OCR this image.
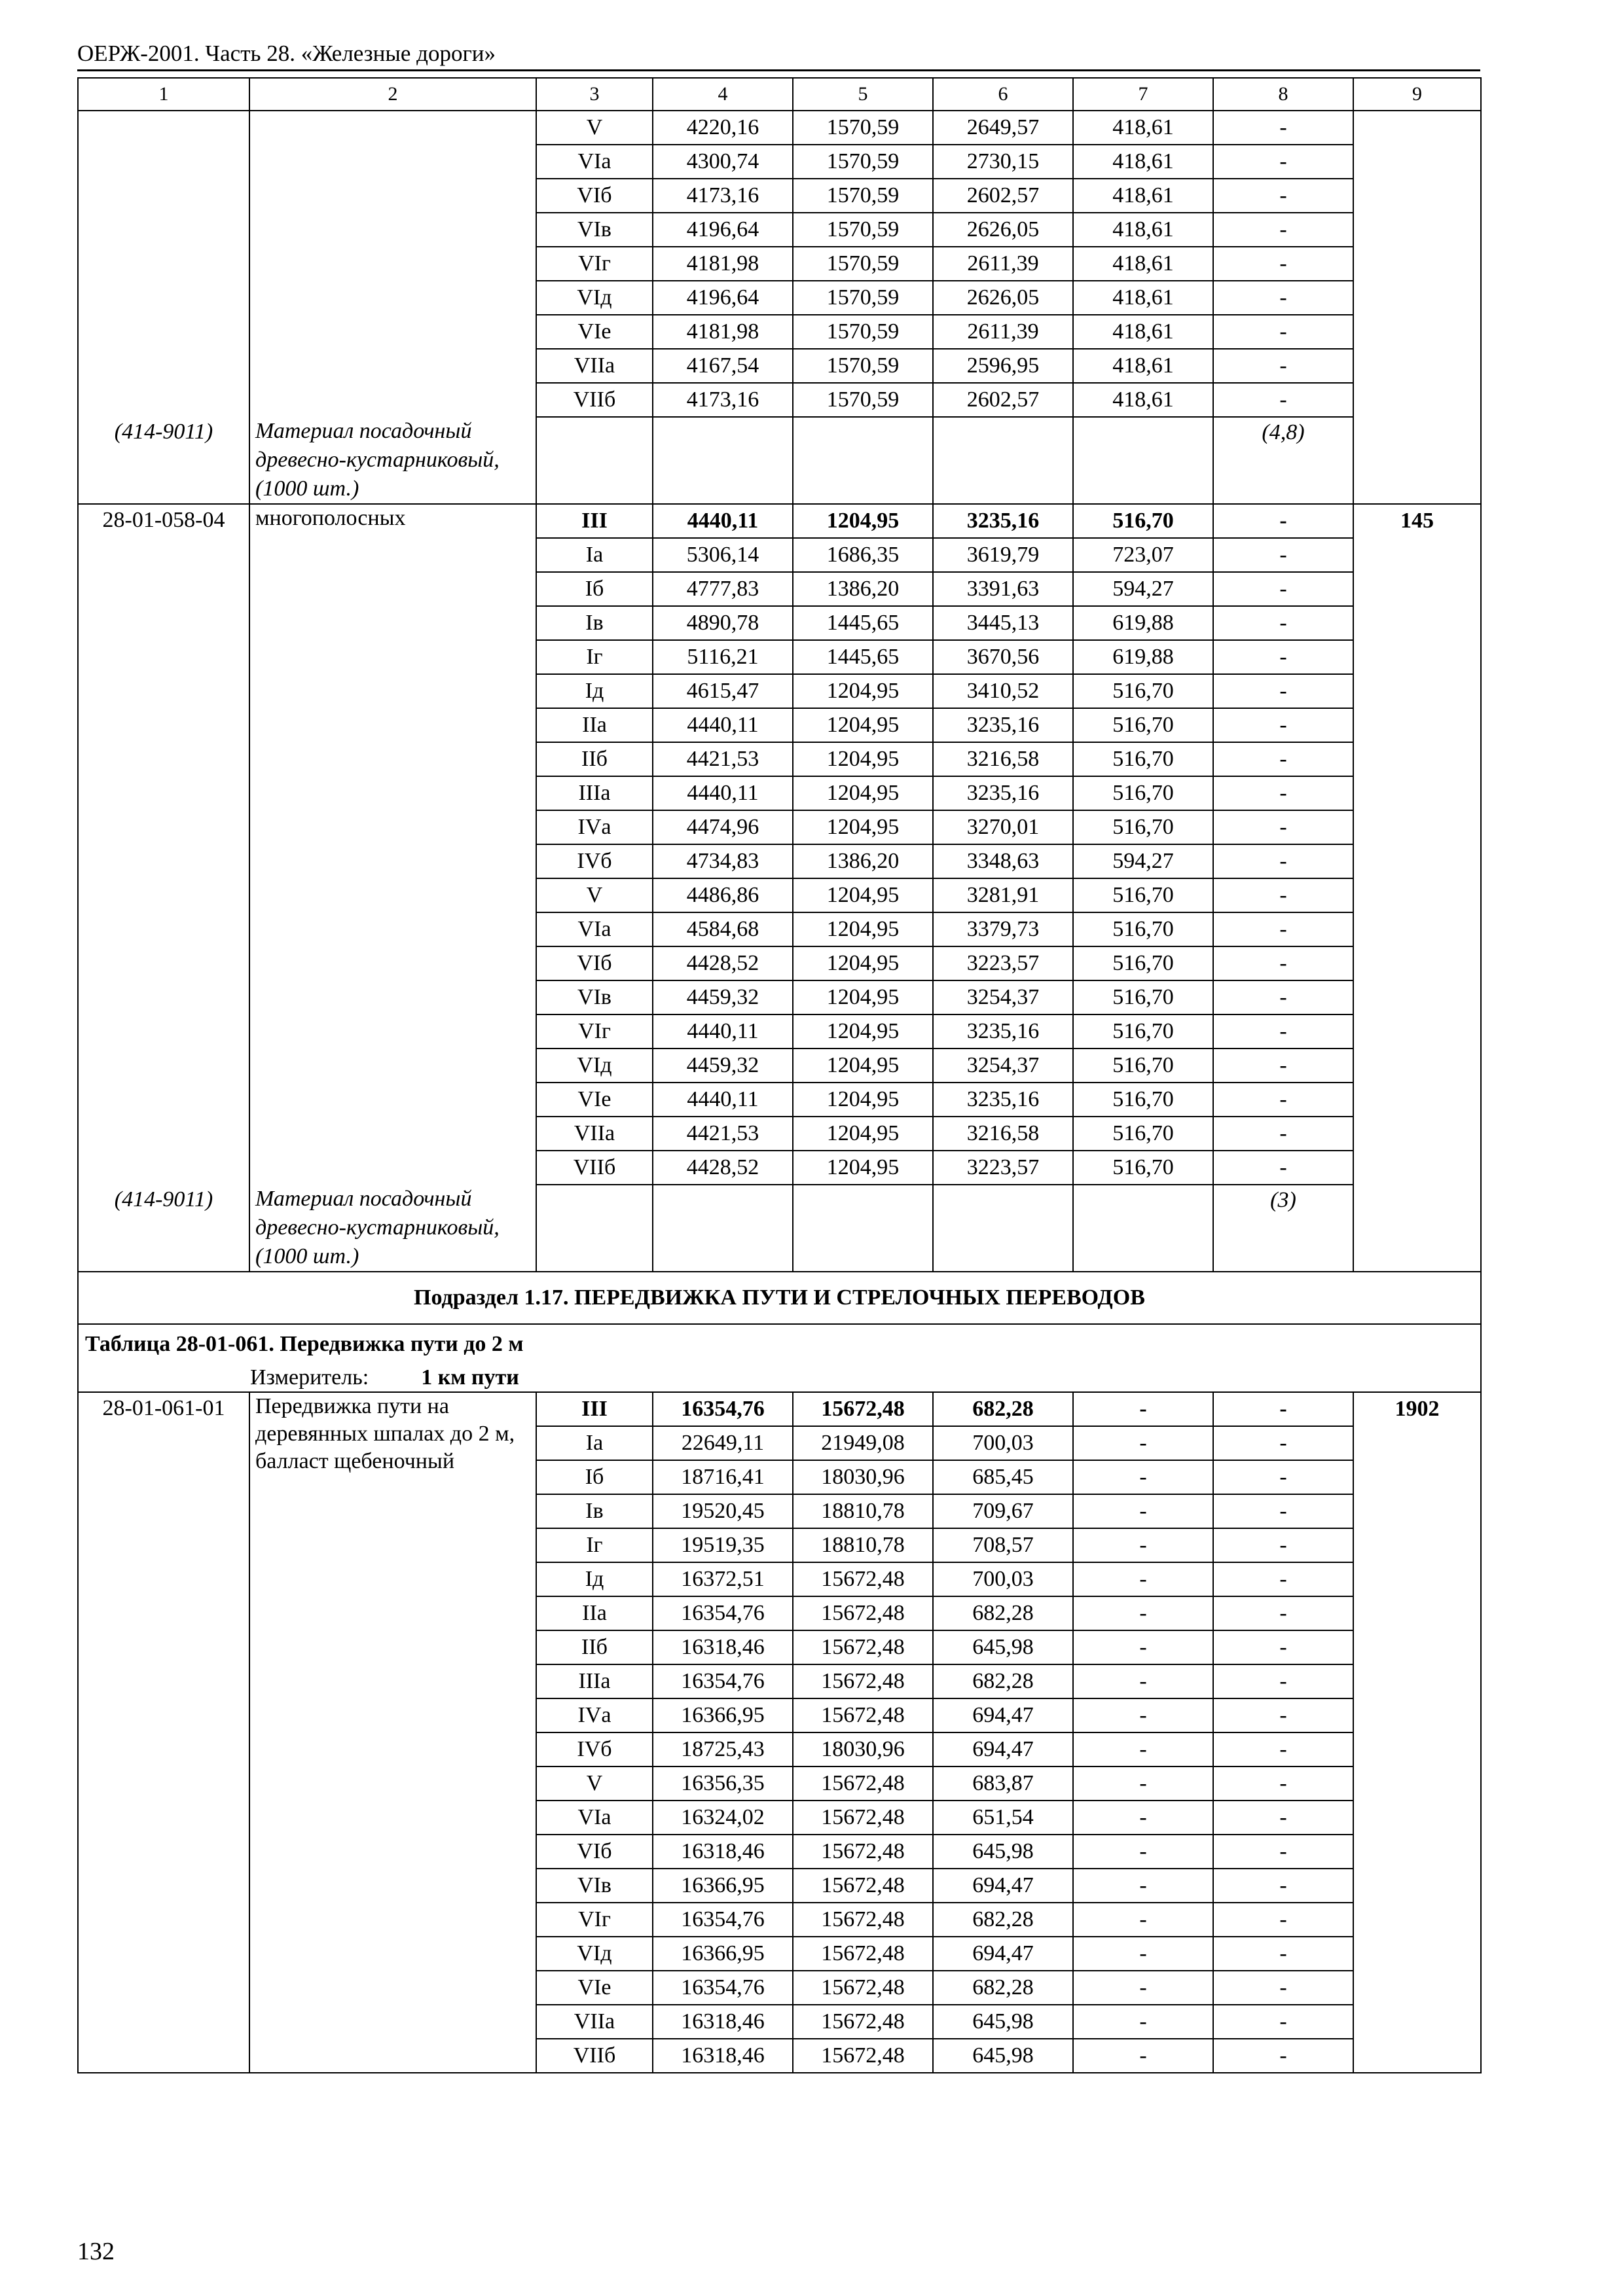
ОЕРЖ-2001. Часть 28. «Железные дороги»
1	2	3	4	5	6	7	8	9
		V	4220,16	1570,59	2649,57	418,61	-	
		VIа	4300,74	1570,59	2730,15	418,61	-	
		VIб	4173,16	1570,59	2602,57	418,61	-	
		VIв	4196,64	1570,59	2626,05	418,61	-	
		VIг	4181,98	1570,59	2611,39	418,61	-	
		VIд	4196,64	1570,59	2626,05	418,61	-	
		VIе	4181,98	1570,59	2611,39	418,61	-	
		VIIа	4167,54	1570,59	2596,95	418,61	-	
		VIIб	4173,16	1570,59	2602,57	418,61	-	
(414-9011)	Материал посадочный древесно-кустарниковый, (1000 шт.)						(4,8)	
28-01-058-04	многополосных	III	4440,11	1204,95	3235,16	516,70	-	145
		Iа	5306,14	1686,35	3619,79	723,07	-	
		Iб	4777,83	1386,20	3391,63	594,27	-	
		Iв	4890,78	1445,65	3445,13	619,88	-	
		Iг	5116,21	1445,65	3670,56	619,88	-	
		Iд	4615,47	1204,95	3410,52	516,70	-	
		IIа	4440,11	1204,95	3235,16	516,70	-	
		IIб	4421,53	1204,95	3216,58	516,70	-	
		IIIа	4440,11	1204,95	3235,16	516,70	-	
		IVа	4474,96	1204,95	3270,01	516,70	-	
		IVб	4734,83	1386,20	3348,63	594,27	-	
		V	4486,86	1204,95	3281,91	516,70	-	
		VIа	4584,68	1204,95	3379,73	516,70	-	
		VIб	4428,52	1204,95	3223,57	516,70	-	
		VIв	4459,32	1204,95	3254,37	516,70	-	
		VIг	4440,11	1204,95	3235,16	516,70	-	
		VIд	4459,32	1204,95	3254,37	516,70	-	
		VIе	4440,11	1204,95	3235,16	516,70	-	
		VIIа	4421,53	1204,95	3216,58	516,70	-	
		VIIб	4428,52	1204,95	3223,57	516,70	-	
(414-9011)	Материал посадочный древесно-кустарниковый, (1000 шт.)						(3)	
Подраздел 1.17. ПЕРЕДВИЖКА ПУТИ И СТРЕЛОЧНЫХ ПЕРЕВОДОВ								
Таблица 28-01-061. Передвижка пути до 2 м								
Измеритель: 1 км пути								
28-01-061-01	Передвижка пути на деревянных шпалах до 2 м, балласт щебеночный	III	16354,76	15672,48	682,28	-	-	1902
		Iа	22649,11	21949,08	700,03	-	-	
		Iб	18716,41	18030,96	685,45	-	-	
		Iв	19520,45	18810,78	709,67	-	-	
		Iг	19519,35	18810,78	708,57	-	-	
		Iд	16372,51	15672,48	700,03	-	-	
		IIа	16354,76	15672,48	682,28	-	-	
		IIб	16318,46	15672,48	645,98	-	-	
		IIIа	16354,76	15672,48	682,28	-	-	
		IVа	16366,95	15672,48	694,47	-	-	
		IVб	18725,43	18030,96	694,47	-	-	
		V	16356,35	15672,48	683,87	-	-	
		VIа	16324,02	15672,48	651,54	-	-	
		VIб	16318,46	15672,48	645,98	-	-	
		VIв	16366,95	15672,48	694,47	-	-	
		VIг	16354,76	15672,48	682,28	-	-	
		VIд	16366,95	15672,48	694,47	-	-	
		VIе	16354,76	15672,48	682,28	-	-	
		VIIа	16318,46	15672,48	645,98	-	-	
		VIIб	16318,46	15672,48	645,98	-	-	
132
